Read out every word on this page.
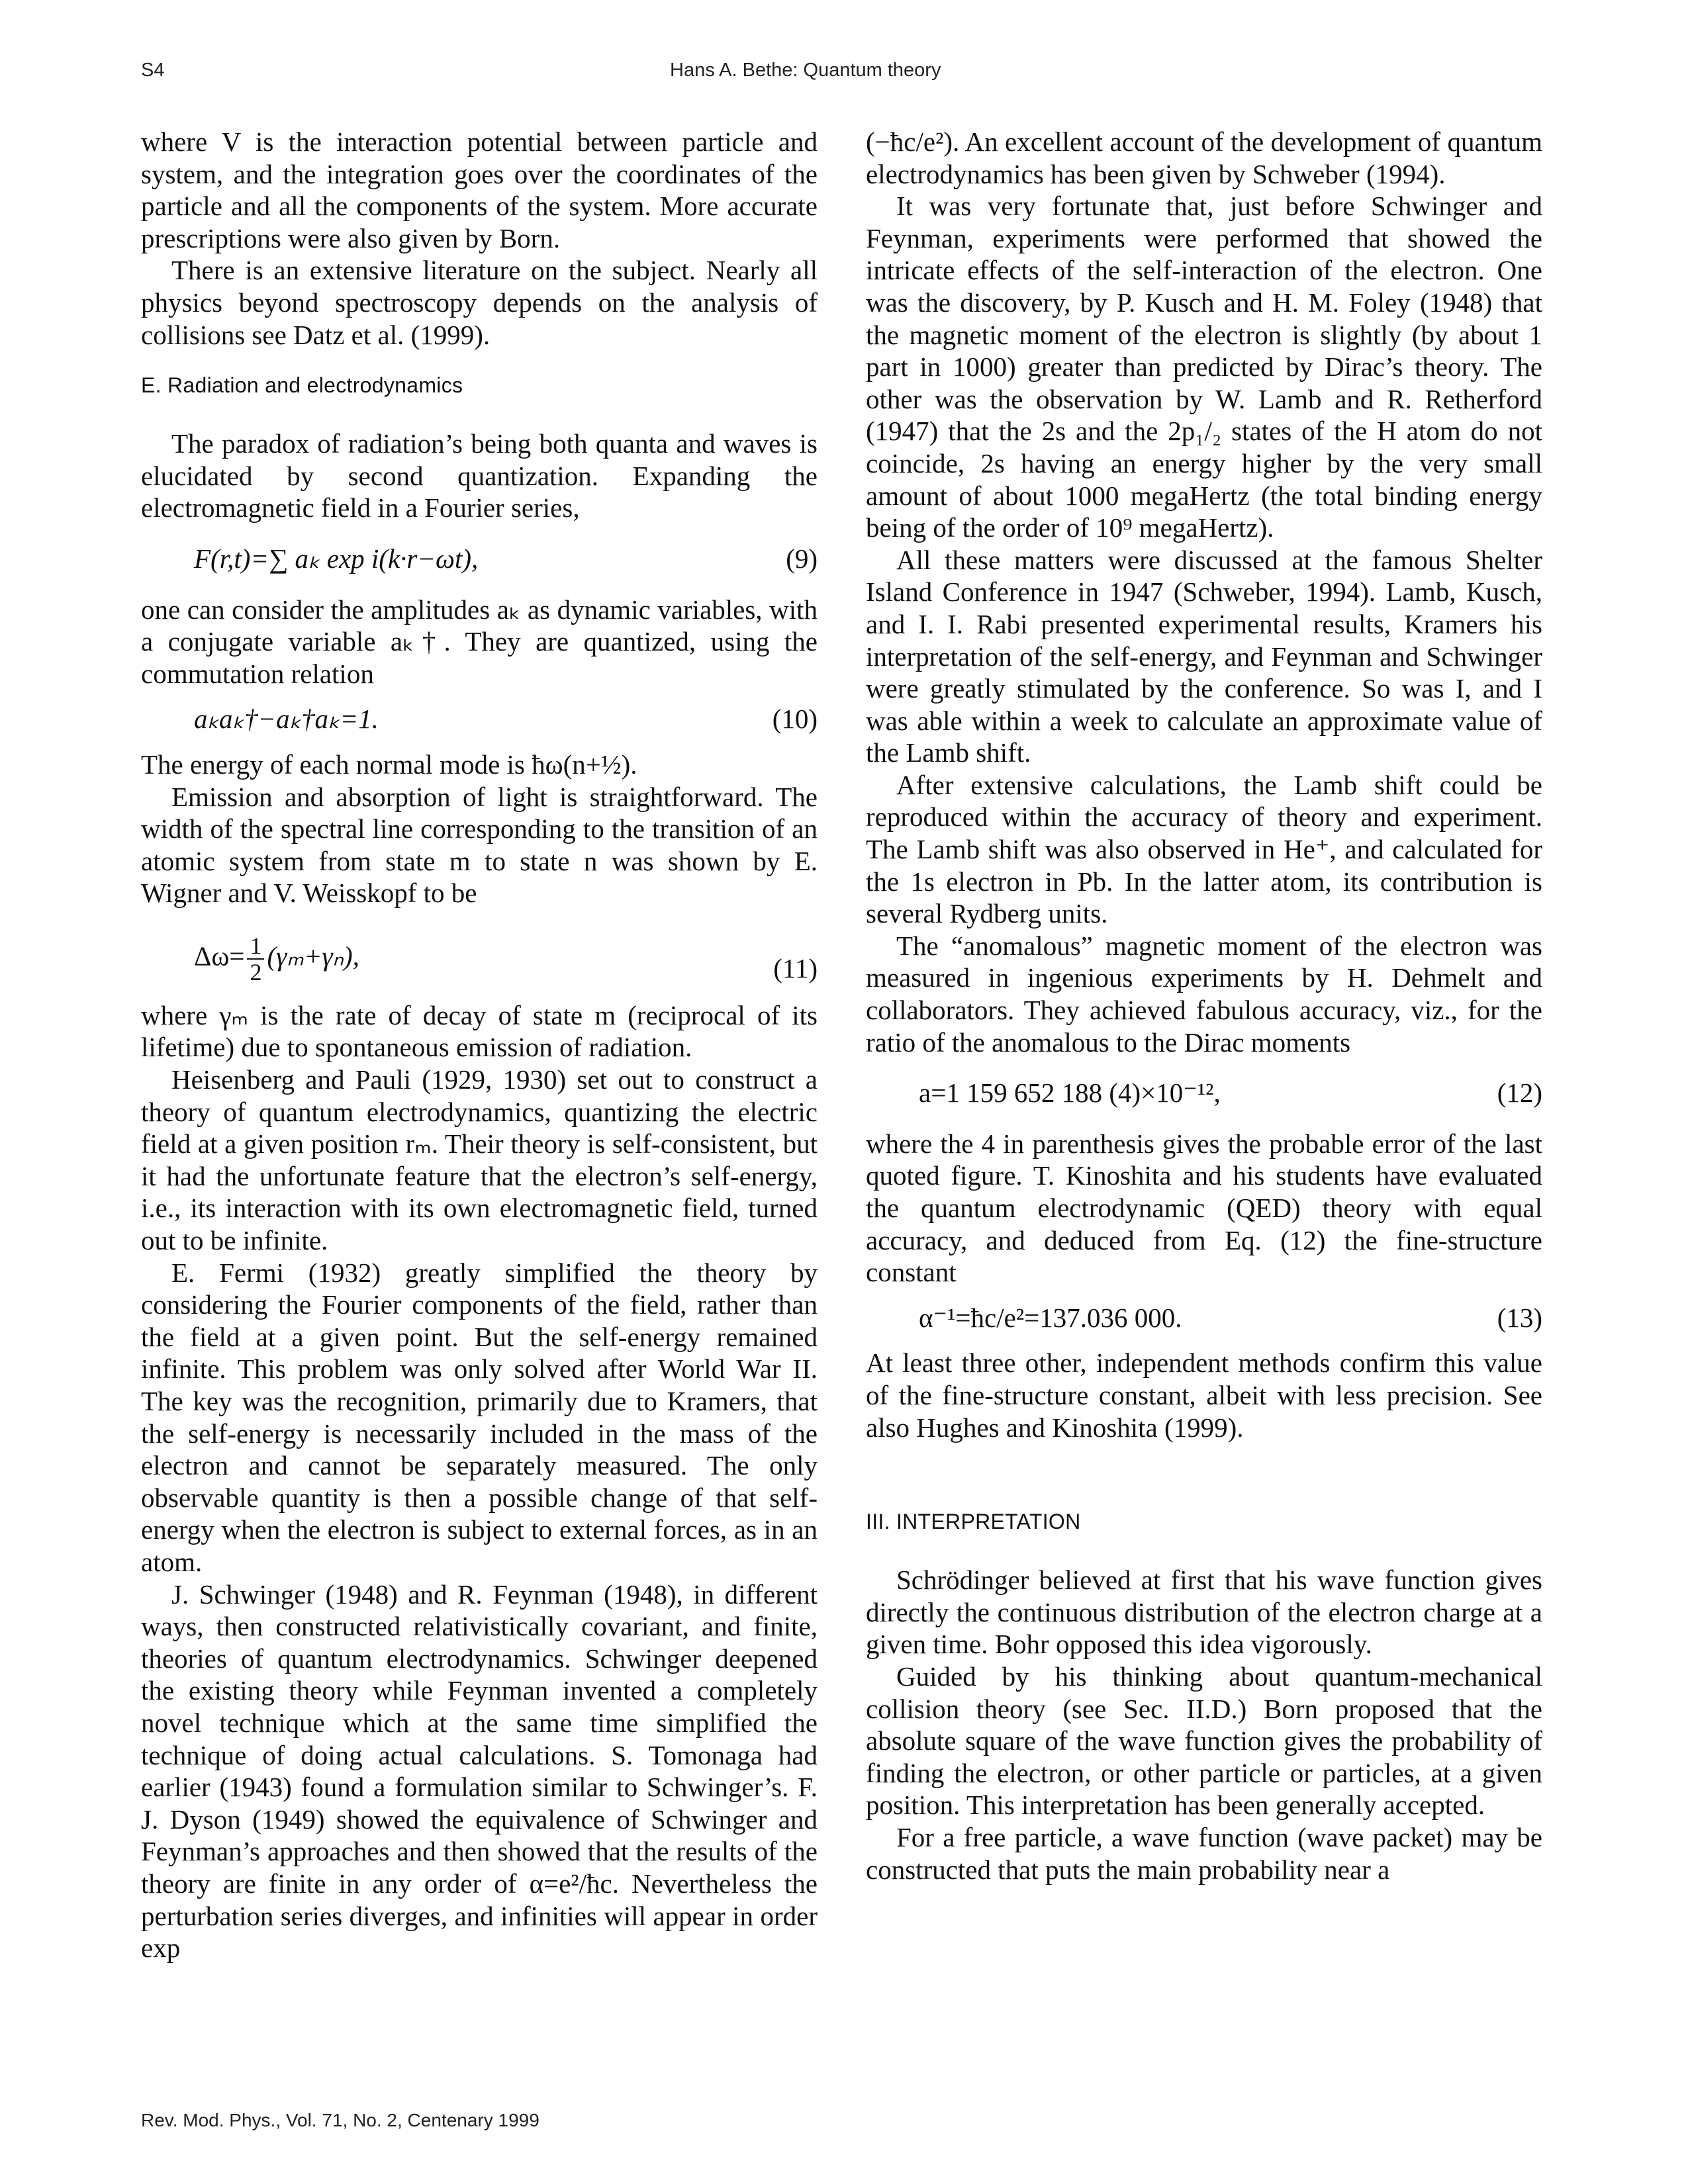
S4	Hans A. Bethe: Quantum theory

where V is the interaction potential between particle and system, and the integration goes over the coordinates of the particle and all the components of the system. More accurate prescriptions were also given by Born.

There is an extensive literature on the subject. Nearly all physics beyond spectroscopy depends on the analysis of collisions see Datz et al. (1999).

E. Radiation and electrodynamics

The paradox of radiation’s being both quanta and waves is elucidated by second quantization. Expanding the electromagnetic field in a Fourier series,

F(r,t)=∑ aₖ exp i(k·r−ωt),	(9)

one can consider the amplitudes aₖ as dynamic variables, with a conjugate variable aₖ†. They are quantized, using the commutation relation

aₖaₖ†−aₖ†aₖ=1.	(10)

The energy of each normal mode is ħω(n+½).

Emission and absorption of light is straightforward. The width of the spectral line corresponding to the transition of an atomic system from state m to state n was shown by E. Wigner and V. Weisskopf to be

$\Delta\omega= \frac{1}{2} (\gamma_m+\gamma_n)$,	(11)

where γₘ is the rate of decay of state m (reciprocal of its lifetime) due to spontaneous emission of radiation.

Heisenberg and Pauli (1929, 1930) set out to construct a theory of quantum electrodynamics, quantizing the electric field at a given position rₘ. Their theory is self-consistent, but it had the unfortunate feature that the electron’s self-energy, i.e., its interaction with its own electromagnetic field, turned out to be infinite.

E. Fermi (1932) greatly simplified the theory by considering the Fourier components of the field, rather than the field at a given point. But the self-energy remained infinite. This problem was only solved after World War II. The key was the recognition, primarily due to Kramers, that the self-energy is necessarily included in the mass of the electron and cannot be separately measured. The only observable quantity is then a possible change of that self-energy when the electron is subject to external forces, as in an atom.

J. Schwinger (1948) and R. Feynman (1948), in different ways, then constructed relativistically covariant, and finite, theories of quantum electrodynamics. Schwinger deepened the existing theory while Feynman invented a completely novel technique which at the same time simplified the technique of doing actual calculations. S. Tomonaga had earlier (1943) found a formulation similar to Schwinger’s. F. J. Dyson (1949) showed the equivalence of Schwinger and Feynman’s approaches and then showed that the results of the theory are finite in any order of α=e²/ħc. Nevertheless the perturbation series diverges, and infinities will appear in order exp

(−ħc/e²). An excellent account of the development of quantum electrodynamics has been given by Schweber (1994).

It was very fortunate that, just before Schwinger and Feynman, experiments were performed that showed the intricate effects of the self-interaction of the electron. One was the discovery, by P. Kusch and H. M. Foley (1948) that the magnetic moment of the electron is slightly (by about 1 part in 1000) greater than predicted by Dirac’s theory. The other was the observation by W. Lamb and R. Retherford (1947) that the 2s and the 2p₁/₂ states of the H atom do not coincide, 2s having an energy higher by the very small amount of about 1000 megaHertz (the total binding energy being of the order of 10⁹ megaHertz).

All these matters were discussed at the famous Shelter Island Conference in 1947 (Schweber, 1994). Lamb, Kusch, and I. I. Rabi presented experimental results, Kramers his interpretation of the self-energy, and Feynman and Schwinger were greatly stimulated by the conference. So was I, and I was able within a week to calculate an approximate value of the Lamb shift.

After extensive calculations, the Lamb shift could be reproduced within the accuracy of theory and experiment. The Lamb shift was also observed in He⁺, and calculated for the 1s electron in Pb. In the latter atom, its contribution is several Rydberg units.

The “anomalous” magnetic moment of the electron was measured in ingenious experiments by H. Dehmelt and collaborators. They achieved fabulous accuracy, viz., for the ratio of the anomalous to the Dirac moments

a=1 159 652 188 (4)×10⁻¹²,	(12)

where the 4 in parenthesis gives the probable error of the last quoted figure. T. Kinoshita and his students have evaluated the quantum electrodynamic (QED) theory with equal accuracy, and deduced from Eq. (12) the fine-structure constant

α⁻¹=ħc/e²=137.036 000.	(13)

At least three other, independent methods confirm this value of the fine-structure constant, albeit with less precision. See also Hughes and Kinoshita (1999).

III. INTERPRETATION

Schrödinger believed at first that his wave function gives directly the continuous distribution of the electron charge at a given time. Bohr opposed this idea vigorously.

Guided by his thinking about quantum-mechanical collision theory (see Sec. II.D.) Born proposed that the absolute square of the wave function gives the probability of finding the electron, or other particle or particles, at a given position. This interpretation has been generally accepted.

For a free particle, a wave function (wave packet) may be constructed that puts the main probability near a

Rev. Mod. Phys., Vol. 71, No. 2, Centenary 1999
